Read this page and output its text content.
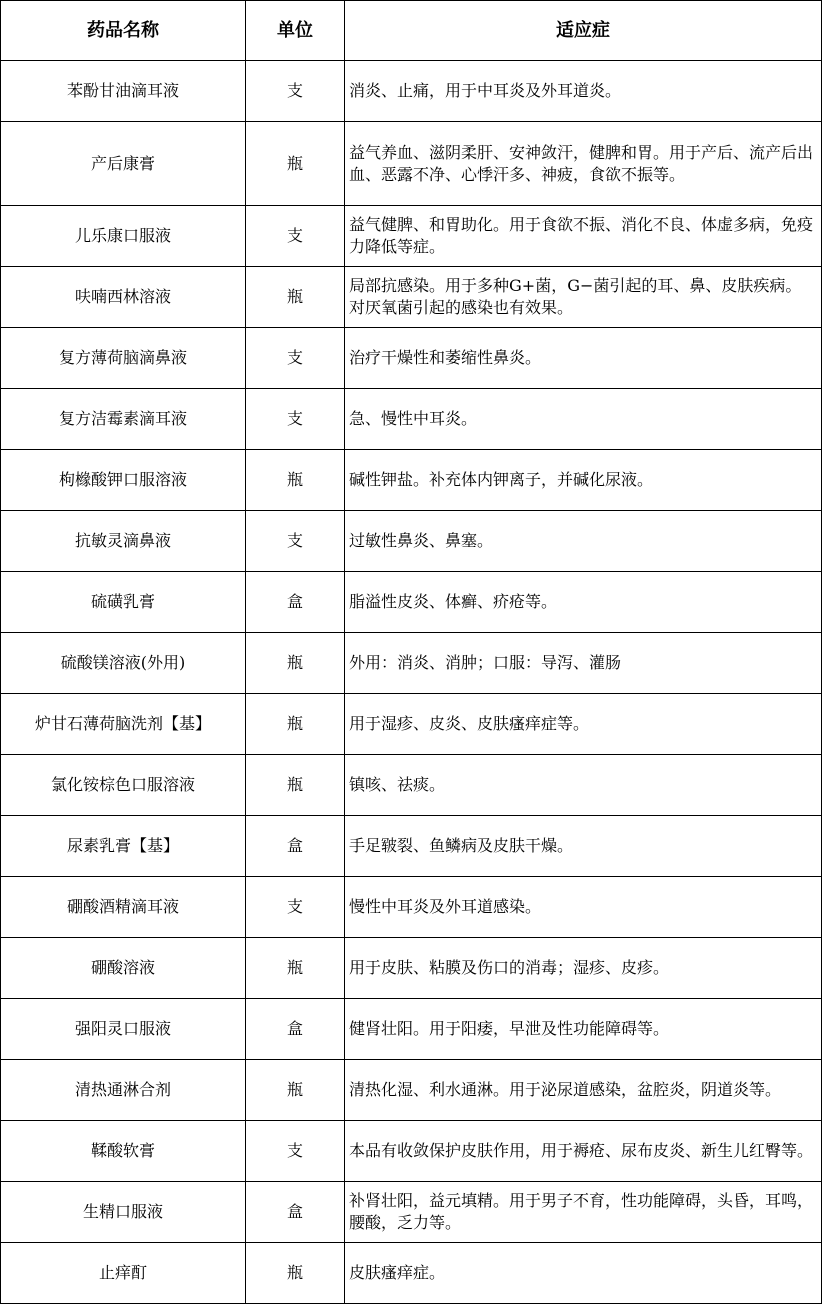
药品名称	单位	适应症
苯酚甘油滴耳液	支	消炎、止痛，用于中耳炎及外耳道炎。
产后康膏	瓶	益气养血、滋阴柔肝、安神敛汗，健脾和胃。用于产后、流产后出血、恶露不净、心悸汗多、神疲，食欲不振等。
儿乐康口服液	支	益气健脾、和胃助化。用于食欲不振、消化不良、体虚多病，免疫力降低等症。
呋喃西林溶液	瓶	局部抗感染。用于多种G+菌，G−菌引起的耳、鼻、皮肤疾病。对厌氧菌引起的感染也有效果。
复方薄荷脑滴鼻液	支	治疗干燥性和萎缩性鼻炎。
复方洁霉素滴耳液	支	急、慢性中耳炎。
枸橼酸钾口服溶液	瓶	碱性钾盐。补充体内钾离子，并碱化尿液。
抗敏灵滴鼻液	支	过敏性鼻炎、鼻塞。
硫磺乳膏	盒	脂溢性皮炎、体癣、疥疮等。
硫酸镁溶液(外用)	瓶	外用：消炎、消肿；口服：导泻、灌肠
炉甘石薄荷脑洗剂【基】	瓶	用于湿疹、皮炎、皮肤瘙痒症等。
氯化铵棕色口服溶液	瓶	镇咳、祛痰。
尿素乳膏【基】	盒	手足皲裂、鱼鳞病及皮肤干燥。
硼酸酒精滴耳液	支	慢性中耳炎及外耳道感染。
硼酸溶液	瓶	用于皮肤、粘膜及伤口的消毒；湿疹、皮疹。
强阳灵口服液	盒	健肾壮阳。用于阳痿，早泄及性功能障碍等。
清热通淋合剂	瓶	清热化湿、利水通淋。用于泌尿道感染，盆腔炎，阴道炎等。
鞣酸软膏	支	本品有收敛保护皮肤作用，用于褥疮、尿布皮炎、新生儿红臀等。
生精口服液	盒	补肾壮阳，益元填精。用于男子不育，性功能障碍，头昏，耳鸣，腰酸，乏力等。
止痒酊	瓶	皮肤瘙痒症。
